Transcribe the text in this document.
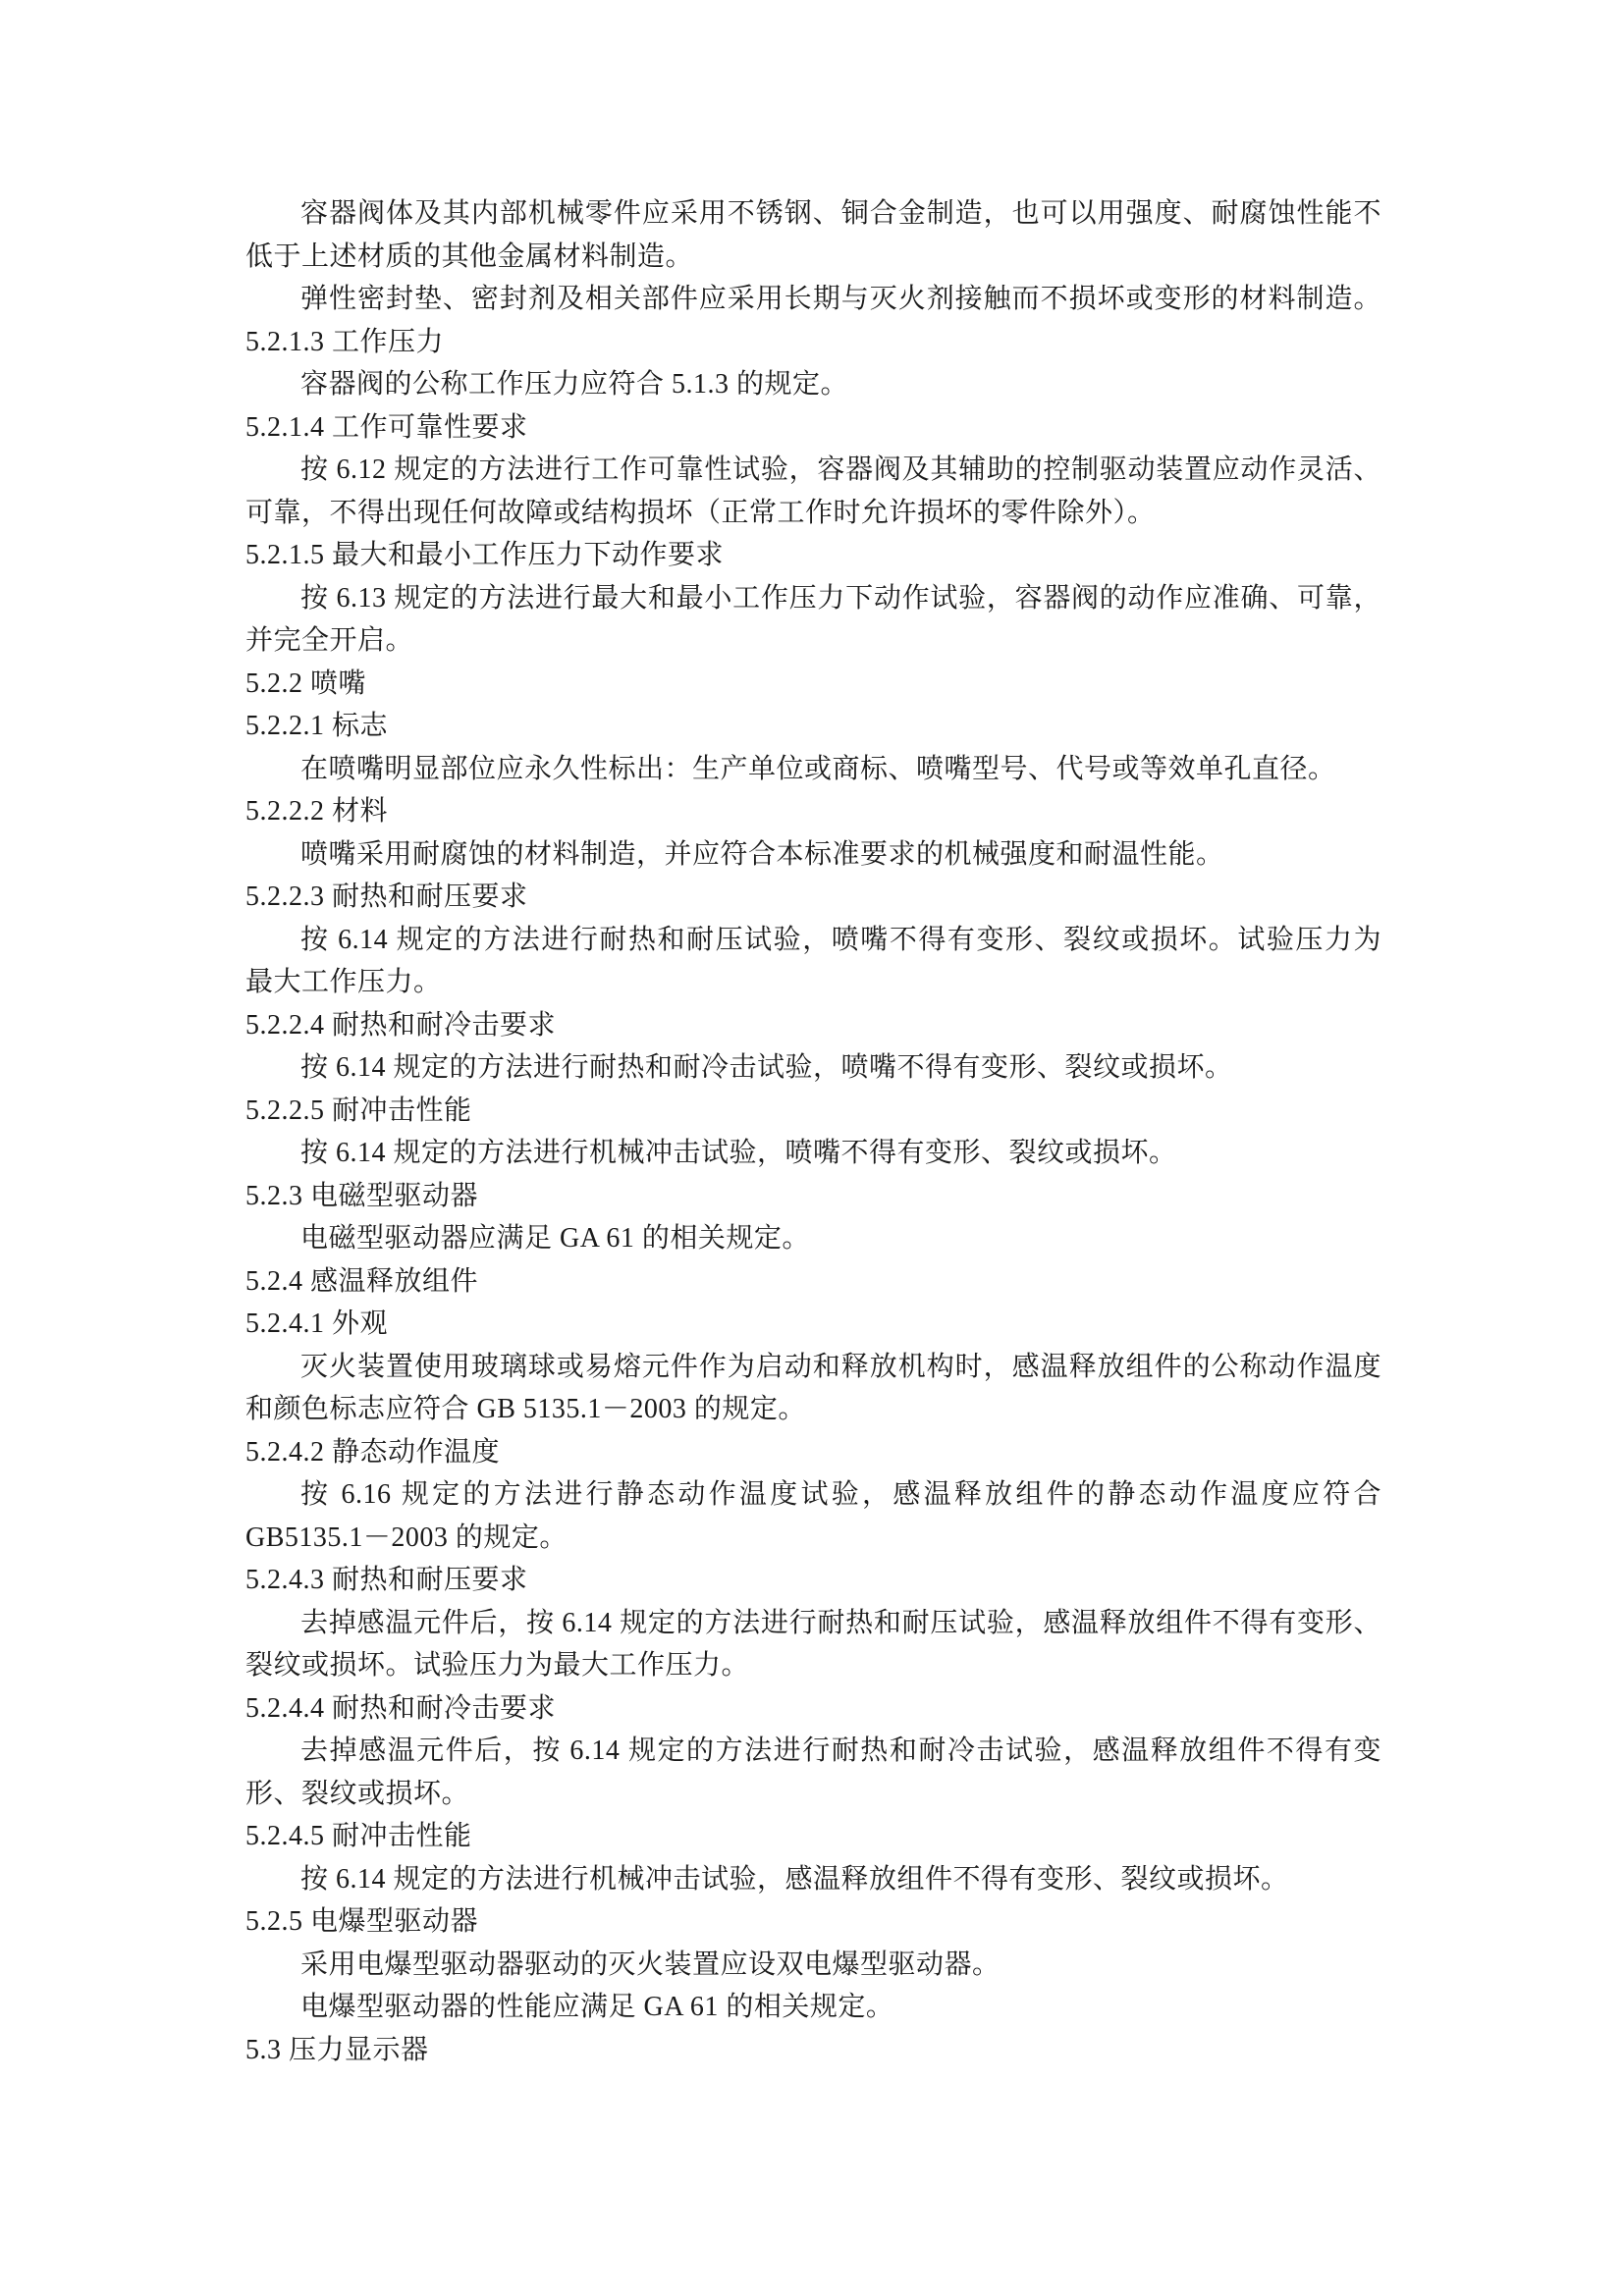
容器阀体及其内部机械零件应采用不锈钢、铜合金制造，也可以用强度、耐腐蚀性能不
低于上述材质的其他金属材料制造。
弹性密封垫、密封剂及相关部件应采用长期与灭火剂接触而不损坏或变形的材料制造。
5.2.1.3 工作压力
容器阀的公称工作压力应符合 5.1.3 的规定。
5.2.1.4 工作可靠性要求
按 6.12 规定的方法进行工作可靠性试验，容器阀及其辅助的控制驱动装置应动作灵活、
可靠，不得出现任何故障或结构损坏（正常工作时允许损坏的零件除外）。
5.2.1.5 最大和最小工作压力下动作要求
按 6.13 规定的方法进行最大和最小工作压力下动作试验，容器阀的动作应准确、可靠，
并完全开启。
5.2.2 喷嘴
5.2.2.1 标志
在喷嘴明显部位应永久性标出：生产单位或商标、喷嘴型号、代号或等效单孔直径。
5.2.2.2 材料
喷嘴采用耐腐蚀的材料制造，并应符合本标准要求的机械强度和耐温性能。
5.2.2.3 耐热和耐压要求
按 6.14 规定的方法进行耐热和耐压试验，喷嘴不得有变形、裂纹或损坏。试验压力为
最大工作压力。
5.2.2.4 耐热和耐冷击要求
按 6.14 规定的方法进行耐热和耐冷击试验，喷嘴不得有变形、裂纹或损坏。
5.2.2.5 耐冲击性能
按 6.14 规定的方法进行机械冲击试验，喷嘴不得有变形、裂纹或损坏。
5.2.3 电磁型驱动器
电磁型驱动器应满足 GA 61 的相关规定。
5.2.4 感温释放组件
5.2.4.1 外观
灭火装置使用玻璃球或易熔元件作为启动和释放机构时，感温释放组件的公称动作温度
和颜色标志应符合 GB 5135.1－2003 的规定。
5.2.4.2 静态动作温度
按 6.16 规定的方法进行静态动作温度试验，感温释放组件的静态动作温度应符合
GB5135.1－2003 的规定。
5.2.4.3 耐热和耐压要求
去掉感温元件后，按 6.14 规定的方法进行耐热和耐压试验，感温释放组件不得有变形、
裂纹或损坏。试验压力为最大工作压力。
5.2.4.4 耐热和耐冷击要求
去掉感温元件后，按 6.14 规定的方法进行耐热和耐冷击试验，感温释放组件不得有变
形、裂纹或损坏。
5.2.4.5 耐冲击性能
按 6.14 规定的方法进行机械冲击试验，感温释放组件不得有变形、裂纹或损坏。
5.2.5 电爆型驱动器
采用电爆型驱动器驱动的灭火装置应设双电爆型驱动器。
电爆型驱动器的性能应满足 GA 61 的相关规定。
5.3 压力显示器
